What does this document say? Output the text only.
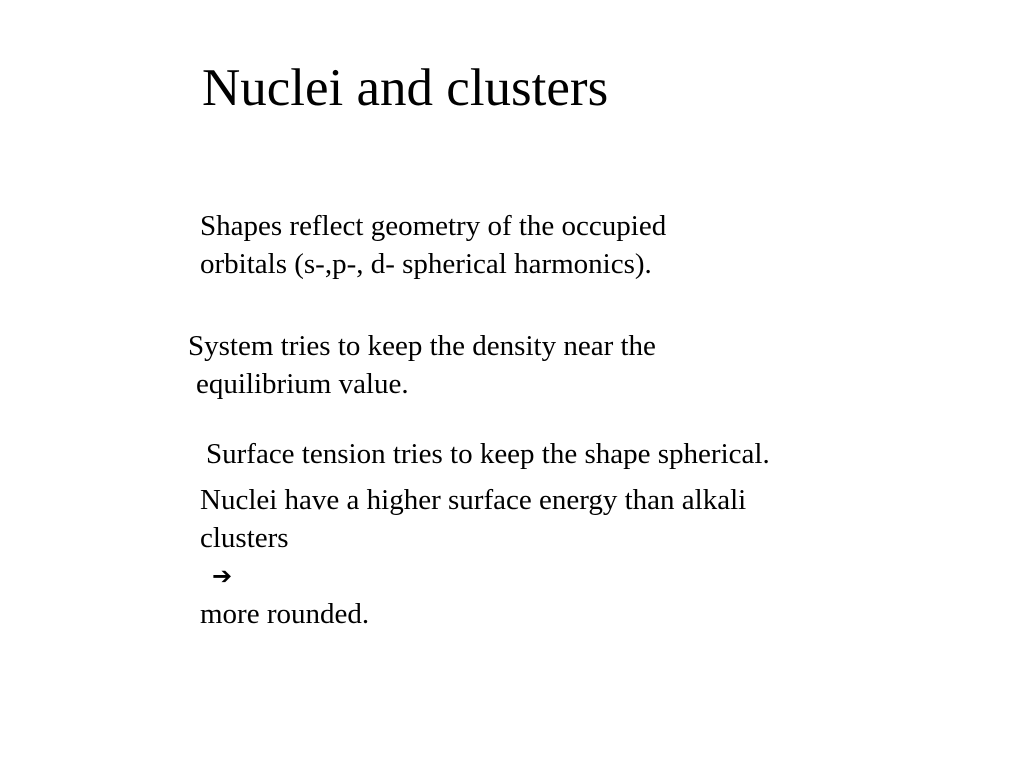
Nuclei and clusters
Shapes reflect geometry of the occupied
orbitals (s-,p-, d- spherical harmonics).
System tries to keep the density near the
equilibrium value.
Surface tension tries to keep the shape spherical.
Nuclei have a higher surface energy than alkali
clusters
➔
more rounded.
